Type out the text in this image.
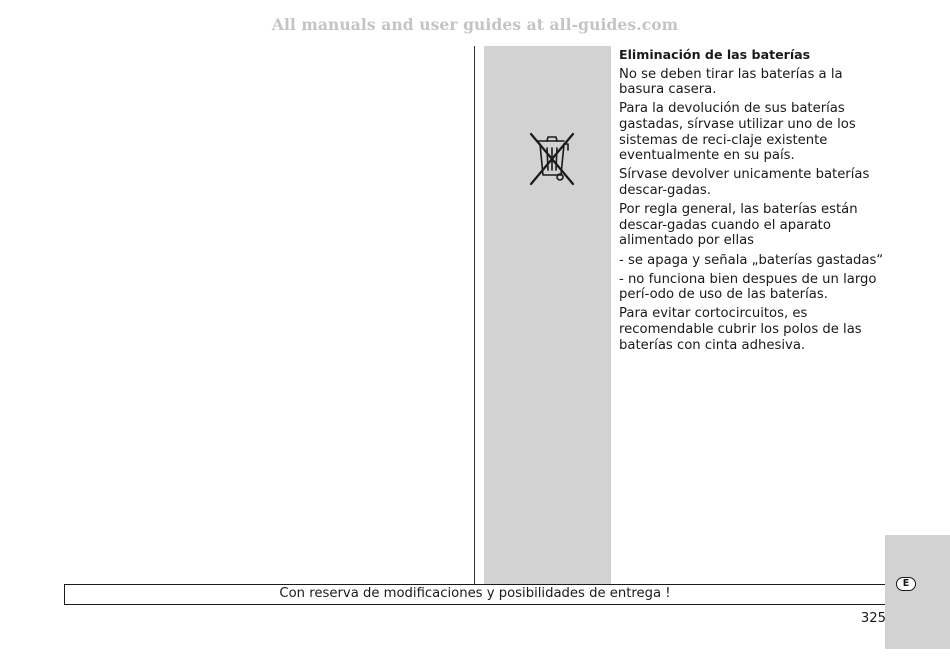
All manuals and user guides at all-guides.com
Eliminación de las baterías

No se deben tirar las baterías a la basura casera.

Para la devolución de sus baterías gastadas, sírvase utilizar uno de los sistemas de reci-claje existente eventualmente en su país.

Sírvase devolver unicamente baterías descar-gadas.

Por regla general, las baterías están descar-gadas cuando el aparato alimentado por ellas

- se apaga y señala „baterías gastadas“

- no funciona bien despues de un largo perí-odo de uso de las baterías.

Para evitar cortocircuitos, es recomendable cubrir los polos de las baterías con cinta adhesiva.

Con reserva de modificaciones y posibilidades de entrega !
E
325
